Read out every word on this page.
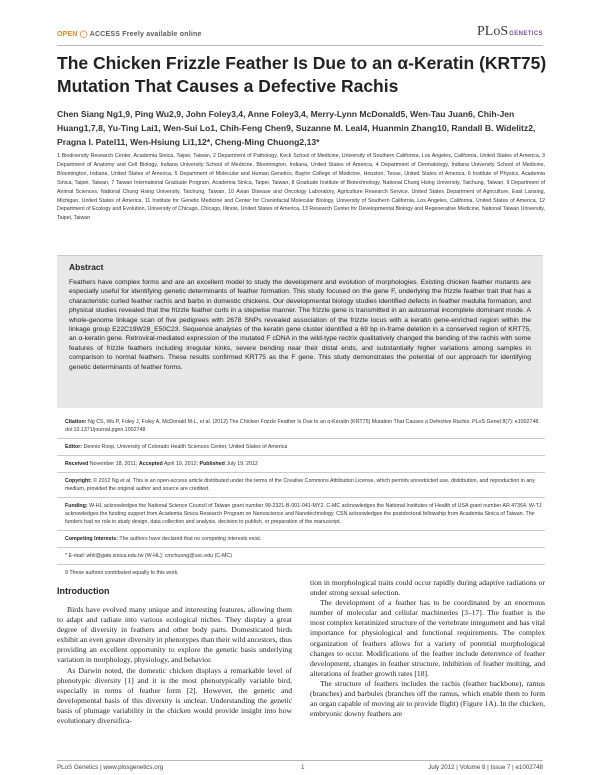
OPEN ◯ ACCESS Freely available online	PLoSGENETICS
The Chicken Frizzle Feather Is Due to an α-Keratin (KRT75) Mutation That Causes a Defective Rachis
Chen Siang Ng1,9, Ping Wu2,9, John Foley3,4, Anne Foley3,4, Merry-Lynn McDonald5, Wen-Tau Juan6, Chih-Jen Huang1,7,8, Yu-Ting Lai1, Wen-Sui Lo1, Chih-Feng Chen9, Suzanne M. Leal4, Huanmin Zhang10, Randall B. Widelitz2, Pragna I. Patel11, Wen-Hsiung Li1,12*, Cheng-Ming Chuong2,13*
1 Biodiversity Research Center, Academia Sinica, Taipei, Taiwan, 2 Department of Pathology, Keck School of Medicine, University of Southern California, Los Angeles, California, United States of America, 3 Department of Anatomy and Cell Biology, Indiana University School of Medicine, Bloomington, Indiana, United States of America, 4 Department of Dermatology, Indiana University School of Medicine, Bloomington, Indiana, United States of America, 5 Department of Molecular and Human Genetics, Baylor College of Medicine, Houston, Texas, United States of America, 6 Institute of Physics, Academia Sinica, Taipei, Taiwan, 7 Taiwan International Graduate Program, Academia Sinica, Taipei, Taiwan, 8 Graduate Institute of Biotechnology, National Chung Hsing University, Taichung, Taiwan, 9 Department of Animal Sciences, National Chung Hsing University, Taichung, Taiwan, 10 Avian Disease and Oncology Laboratory, Agriculture Research Service, United States Department of Agriculture, East Lansing, Michigan, United States of America, 11 Institute for Genetic Medicine and Center for Craniofacial Molecular Biology, University of Southern California, Los Angeles, California, United States of America, 12 Department of Ecology and Evolution, University of Chicago, Chicago, Illinois, United States of America, 13 Research Center for Developmental Biology and Regenerative Medicine, National Taiwan University, Taipei, Taiwan
Abstract
Feathers have complex forms and are an excellent model to study the development and evolution of morphologies. Existing chicken feather mutants are especially useful for identifying genetic determinants of feather formation. This study focused on the gene F, underlying the frizzle feather trait that has a characteristic curled feather rachis and barbs in domestic chickens. Our developmental biology studies identified defects in feather medulla formation, and physical studies revealed that the frizzle feather curls in a stepwise manner. The frizzle gene is transmitted in an autosomal incomplete dominant mode. A whole-genome linkage scan of five pedigrees with 2678 SNPs revealed association of the frizzle locus with a keratin gene-enriched region within the linkage group E22C19W28_E50C23. Sequence analyses of the keratin gene cluster identified a 69 bp in-frame deletion in a conserved region of KRT75, an α-keratin gene. Retroviral-mediated expression of the mutated F cDNA in the wild-type rectrix qualitatively changed the bending of the rachis with some features of frizzle feathers including irregular kinks, severe bending near their distal ends, and substantially higher variations among samples in comparison to normal feathers. These results confirmed KRT75 as the F gene. This study demonstrates the potential of our approach for identifying genetic determinants of feather forms.

Citation: Ng CS, Wu P, Foley J, Foley A, McDonald M-L, et al. (2012) The Chicken Frizzle Feather Is Due to an α-Keratin (KRT75) Mutation That Causes a Defective Rachis. PLoS Genet 8(7): e1002748. doi:10.1371/journal.pgen.1002748

Editor: Dennis Roop, University of Colorado Health Sciences Center, United States of America

Received November 18, 2011; Accepted April 19, 2012; Published July 19, 2012

Copyright: © 2012 Ng et al. This is an open-access article distributed under the terms of the Creative Commons Attribution License, which permits unrestricted use, distribution, and reproduction in any medium, provided the original author and source are credited.

Funding: W-HL acknowledges the National Science Council of Taiwan grant number 99-2321-B-001-041-MY2. C-MC acknowledges the National Institutes of Health of USA grant number AR 47364. W-TJ acknowledges the funding support from Academia Sinica Research Program on Nanoscience and Nanotechnology. CSN acknowledges the postdoctoral fellowship from Academia Sinica of Taiwan. The funders had no role in study design, data collection and analysis, decision to publish, or preparation of the manuscript.

Competing Interests: The authors have declared that no competing interests exist.

* E-mail: whli@gate.sinica.edu.tw (W-HL); cmchuong@usc.edu (C-MC)

9 These authors contributed equally to this work.

Introduction

Birds have evolved many unique and interesting features, allowing them to adapt and radiate into various ecological niches. They display a great degree of diversity in feathers and other body parts. Domesticated birds exhibit an even greater diversity in phenotypes than their wild ancestors, thus providing an excellent opportunity to explore the genetic basis underlying variation in morphology, physiology, and behavior.

As Darwin noted, the domestic chicken displays a remarkable level of phenotypic diversity [1] and it is the most phenotypically variable bird, especially in terms of feather form [2]. However, the genetic and developmental basis of this diversity is unclear. Understanding the genetic basis of plumage variability in the chicken would provide insight into how evolutionary diversifica-

tion in morphological traits could occur rapidly during adaptive radiations or under strong sexual selection.

The development of a feather has to be coordinated by an enormous number of molecular and cellular machineries [3–17]. The feather is the most complex keratinized structure of the vertebrate integument and has vital importance for physiological and functional requirements. The complex organization of feathers allows for a variety of potential morphological changes to occur. Modifications of the feather include deterrence of feather development, changes in feather structure, inhibition of feather molting, and alterations of feather growth rates [18].

The structure of feathers includes the rachis (feather backbone), ramus (branches) and barbules (branches off the ramus, which enable them to form an organ capable of moving air to provide flight) (Figure 1A). In the chicken, embryonic downy feathers are

PLoS Genetics | www.plosgenetics.org	1	July 2012 | Volume 8 | Issue 7 | e1002748
